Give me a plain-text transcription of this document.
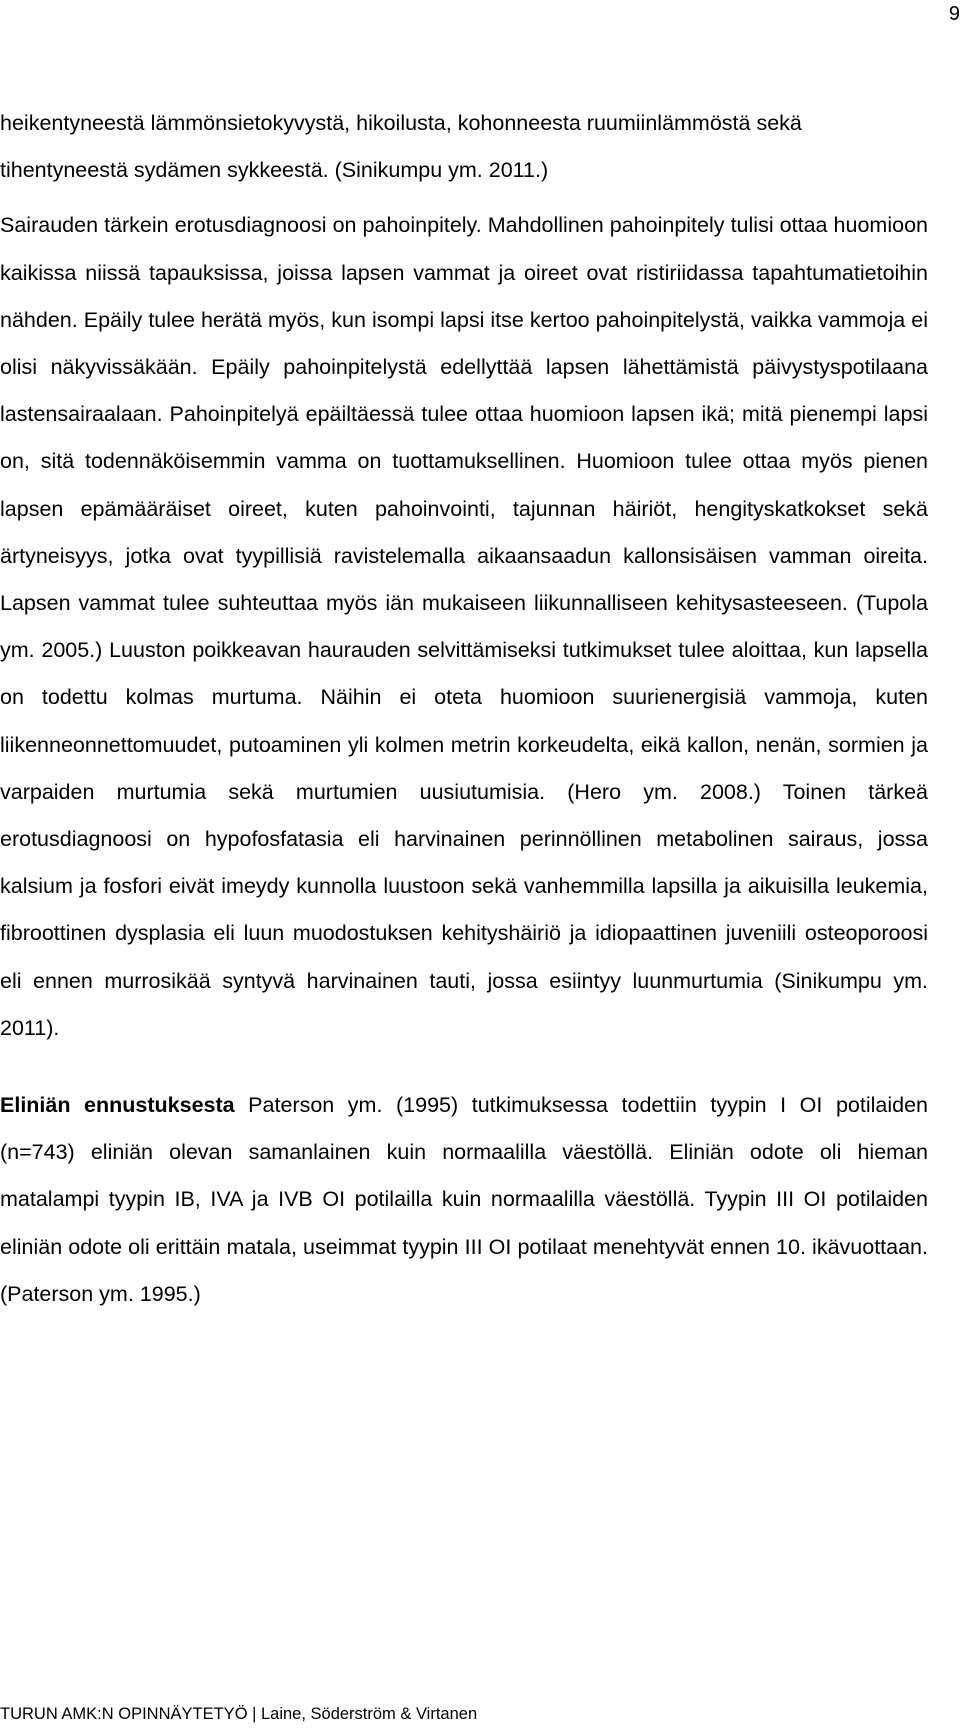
9

heikentyneestä lämmönsietokyvystä, hikoilusta, kohonneesta ruumiinlämmöstä sekä tihentyneestä sydämen sykkeestä. (Sinikumpu ym. 2011.)

Sairauden tärkein erotusdiagnoosi on pahoinpitely. Mahdollinen pahoinpitely tulisi ottaa huomioon kaikissa niissä tapauksissa, joissa lapsen vammat ja oireet ovat ristiriidassa tapahtumatietoihin nähden. Epäily tulee herätä myös, kun isompi lapsi itse kertoo pahoinpitelystä, vaikka vammoja ei olisi näkyvissäkään. Epäily pahoinpitelystä edellyttää lapsen lähettämistä päivystyspotilaana lastensairaalaan. Pahoinpitelyä epäiltäessä tulee ottaa huomioon lapsen ikä; mitä pienempi lapsi on, sitä todennäköisemmin vamma on tuottamuksellinen. Huomioon tulee ottaa myös pienen lapsen epämääräiset oireet, kuten pahoinvointi, tajunnan häiriöt, hengityskatkokset sekä ärtyneisyys, jotka ovat tyypillisiä ravistelemalla aikaansaadun kallonsisäisen vamman oireita. Lapsen vammat tulee suhteuttaa myös iän mukaiseen liikunnalliseen kehitysasteeseen. (Tupola ym. 2005.) Luuston poikkeavan haurauden selvittämiseksi tutkimukset tulee aloittaa, kun lapsella on todettu kolmas murtuma. Näihin ei oteta huomioon suurienergisiä vammoja, kuten liikenneonnettomuudet, putoaminen yli kolmen metrin korkeudelta, eikä kallon, nenän, sormien ja varpaiden murtumia sekä murtumien uusiutumisia. (Hero ym. 2008.) Toinen tärkeä erotusdiagnoosi on hypofosfatasia eli harvinainen perinnöllinen metabolinen sairaus, jossa kalsium ja fosfori eivät imeydy kunnolla luustoon sekä vanhemmilla lapsilla ja aikuisilla leukemia, fibroottinen dysplasia eli luun muodostuksen kehityshäiriö ja idiopaattinen juveniili osteoporoosi eli ennen murrosikää syntyvä harvinainen tauti, jossa esiintyy luunmurtumia (Sinikumpu ym. 2011).

Eliniän ennustuksesta Paterson ym. (1995) tutkimuksessa todettiin tyypin I OI potilaiden (n=743) eliniän olevan samanlainen kuin normaalilla väestöllä. Eliniän odote oli hieman matalampi tyypin IB, IVA ja IVB OI potilailla kuin normaalilla väestöllä. Tyypin III OI potilaiden eliniän odote oli erittäin matala, useimmat tyypin III OI potilaat menehtyvät ennen 10. ikävuottaan. (Paterson ym. 1995.)

TURUN AMK:N OPINNÄYTETYÖ | Laine, Söderström & Virtanen
